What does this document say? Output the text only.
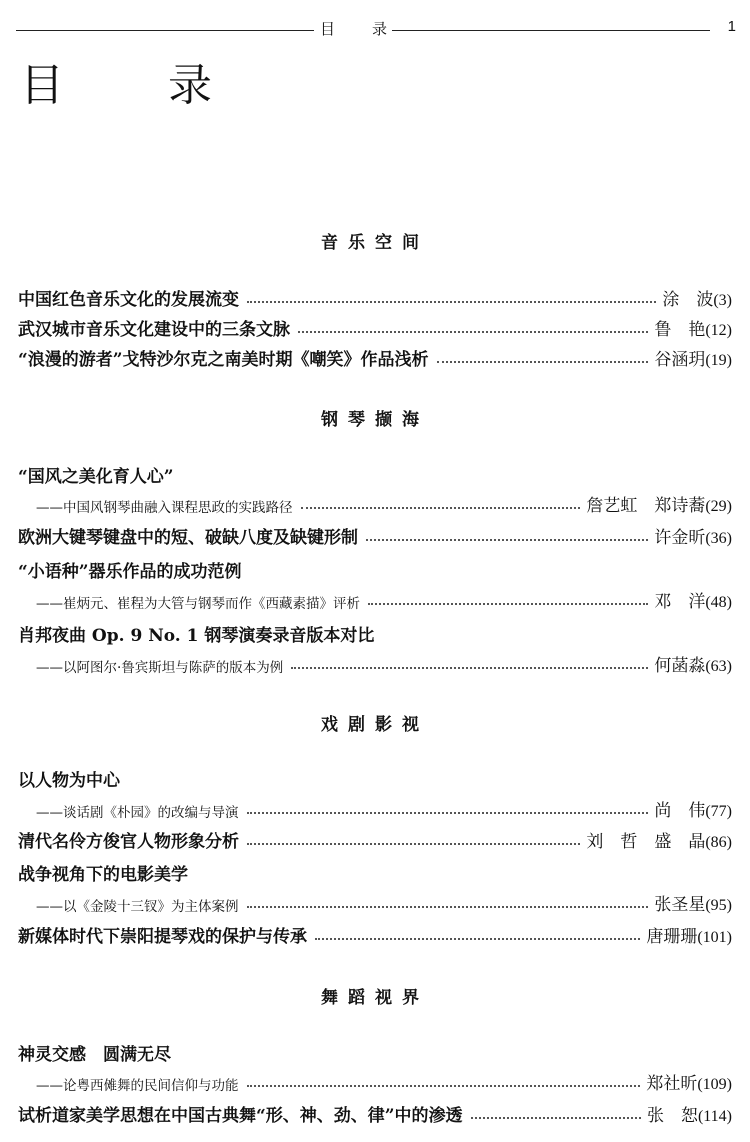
目 录	1
目 录
音乐空间
中国红色音乐文化的发展流变	涂　波 (3)
武汉城市音乐文化建设中的三条文脉	鲁　艳 (12)
“浪漫的游者”戈特沙尔克之南美时期《嘲笑》作品浅析	谷涵玥 (19)
钢琴撷海
“国风之美化育人心”
——中国风钢琴曲融入课程思政的实践路径	詹艺虹　郑诗蕎 (29)
欧洲大键琴键盘中的短、破缺八度及缺键形制	许金昕 (36)
“小语种”器乐作品的成功范例
——崔炳元、崔程为大管与钢琴而作《西藏素描》评析	邓　洋 (48)
肖邦夜曲 Op. 9 No. 1 钢琴演奏录音版本对比
——以阿图尔·鲁宾斯坦与陈萨的版本为例	何菡淼 (63)
戏剧影视
以人物为中心
——谈话剧《朴园》的改编与导演	尚　伟 (77)
清代名伶方俊官人物形象分析	刘　哲　盛　晶 (86)
战争视角下的电影美学
——以《金陵十三钗》为主体案例	张圣星 (95)
新媒体时代下崇阳提琴戏的保护与传承	唐珊珊 (101)
舞蹈视界
神灵交感　圆满无尽
——论粤西傩舞的民间信仰与功能	郑社昕 (109)
试析道家美学思想在中国古典舞“形、神、劲、律”中的渗透	张　恕 (114)
